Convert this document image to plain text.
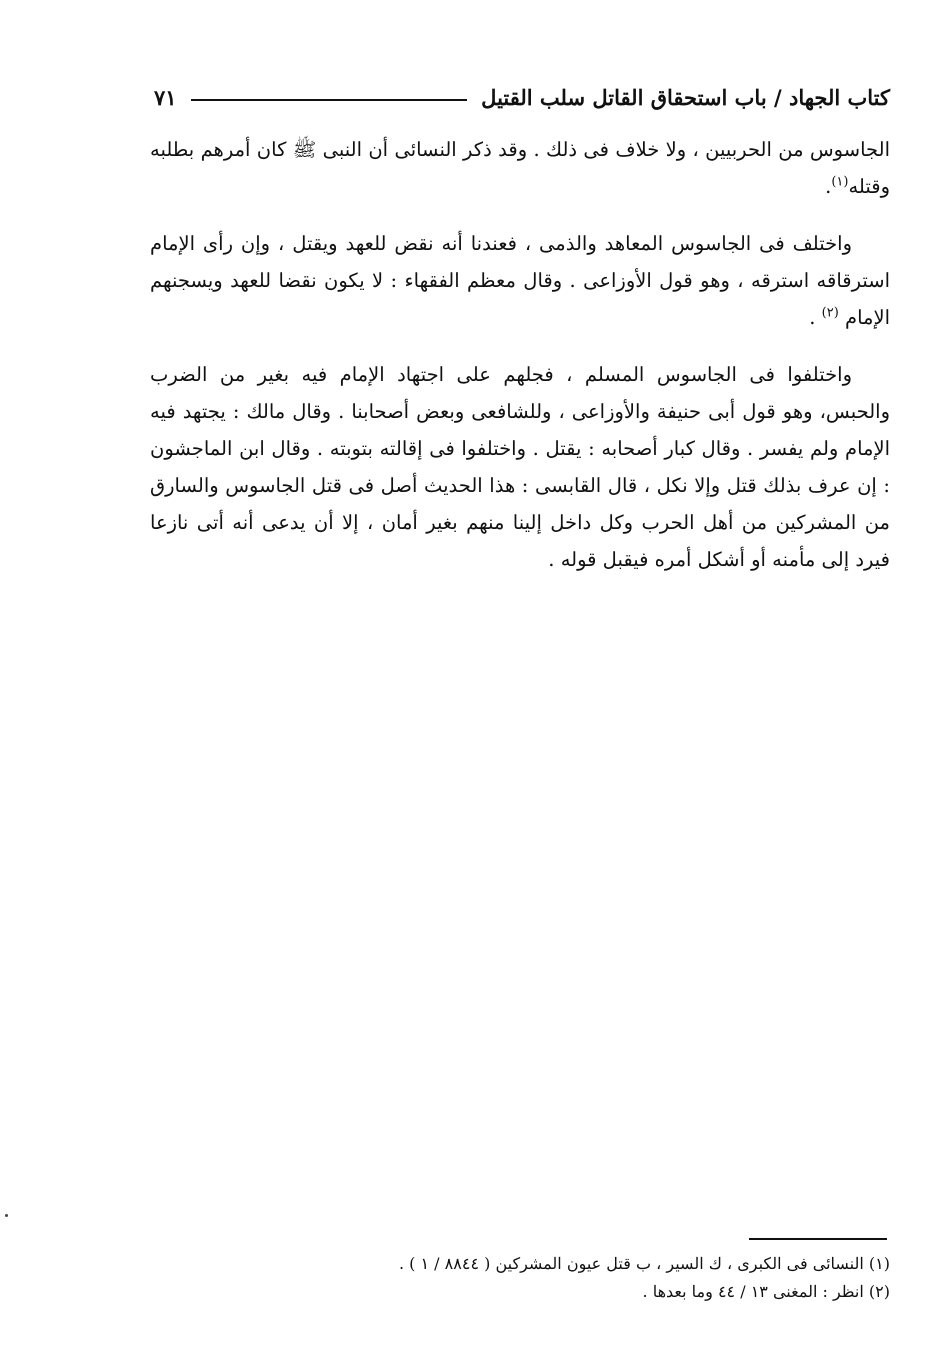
كتاب الجهاد / باب استحقاق القاتل سلب القتيل
٧١

الجاسوس من الحربيين ، ولا خلاف فى ذلك . وقد ذكر النسائى أن النبى ﷺ كان أمرهم بطلبه وقتله$^{(١)}$.

واختلف فى الجاسوس المعاهد والذمى ، فعندنا أنه نقض للعهد ويقتل ، وإن رأى الإمام استرقاقه استرقه ، وهو قول الأوزاعى . وقال معظم الفقهاء : لا يكون نقضا للعهد ويسجنهم الإمام $^{(٢)}$ .

واختلفوا فى الجاسوس المسلم ، فجلهم على اجتهاد الإمام فيه بغير من الضرب والحبس، وهو قول أبى حنيفة والأوزاعى ، وللشافعى وبعض أصحابنا . وقال مالك : يجتهد فيه الإمام ولم يفسر . وقال كبار أصحابه : يقتل . واختلفوا فى إقالته بتوبته . وقال ابن الماجشون : إن عرف بذلك قتل وإلا نكل ، قال القابسى : هذا الحديث أصل فى قتل الجاسوس والسارق من المشركين من أهل الحرب وكل داخل إلينا منهم بغير أمان ، إلا أن يدعى أنه أتى نازعا فيرد إلى مأمنه أو أشكل أمره فيقبل قوله .

(١) النسائى فى الكبرى ، ك السير ، ب قتل عيون المشركين ( ٨٨٤٤ / ١ ) .
(٢) انظر : المغنى ١٣ / ٤٤ وما بعدها .
